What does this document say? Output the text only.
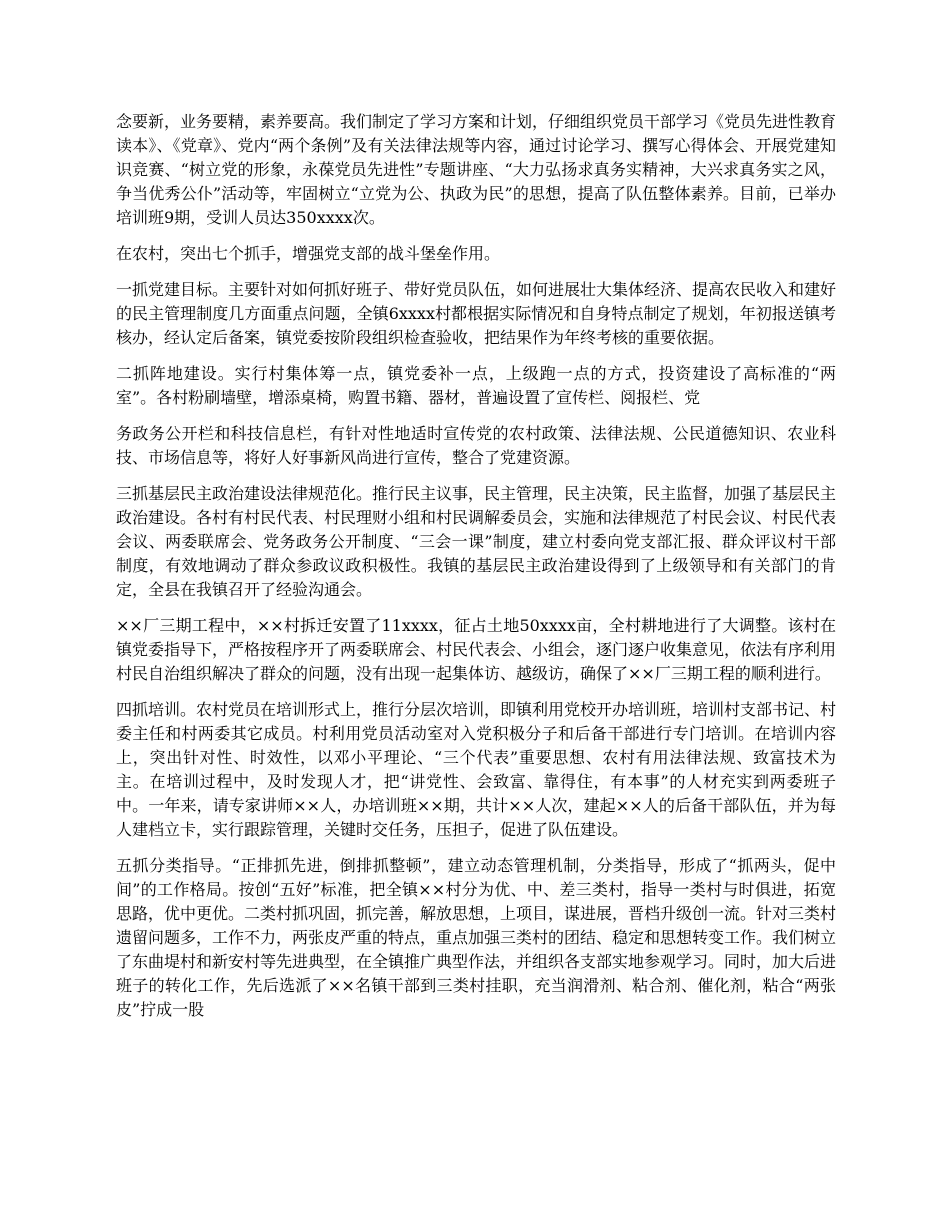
念要新，业务要精，素养要高。我们制定了学习方案和计划，仔细组织党员干部学习《党员先进性教育读本》、《党章》、党内“两个条例”及有关法律法规等内容，通过讨论学习、撰写心得体会、开展党建知识竞赛、“树立党的形象，永葆党员先进性”专题讲座、“大力弘扬求真务实精神，大兴求真务实之风，争当优秀公仆”活动等，牢固树立“立党为公、执政为民”的思想，提高了队伍整体素养。目前，已举办培训班9期，受训人员达350xxxx次。

在农村，突出七个抓手，增强党支部的战斗堡垒作用。

一抓党建目标。主要针对如何抓好班子、带好党员队伍，如何进展壮大集体经济、提高农民收入和建好的民主管理制度几方面重点问题，全镇6xxxx村都根据实际情况和自身特点制定了规划，年初报送镇考核办，经认定后备案，镇党委按阶段组织检查验收，把结果作为年终考核的重要依据。

二抓阵地建设。实行村集体筹一点，镇党委补一点，上级跑一点的方式，投资建设了高标准的“两室”。各村粉刷墙壁，增添桌椅，购置书籍、器材，普遍设置了宣传栏、阅报栏、党

务政务公开栏和科技信息栏，有针对性地适时宣传党的农村政策、法律法规、公民道德知识、农业科技、市场信息等，将好人好事新风尚进行宣传，整合了党建资源。

三抓基层民主政治建设法律规范化。推行民主议事，民主管理，民主决策，民主监督，加强了基层民主政治建设。各村有村民代表、村民理财小组和村民调解委员会，实施和法律规范了村民会议、村民代表会议、两委联席会、党务政务公开制度、“三会一课”制度，建立村委向党支部汇报、群众评议村干部制度，有效地调动了群众参政议政积极性。我镇的基层民主政治建设得到了上级领导和有关部门的肯定，全县在我镇召开了经验沟通会。

××厂三期工程中，××村拆迁安置了11xxxx，征占土地50xxxx亩，全村耕地进行了大调整。该村在镇党委指导下，严格按程序开了两委联席会、村民代表会、小组会，逐门逐户收集意见，依法有序利用村民自治组织解决了群众的问题，没有出现一起集体访、越级访，确保了××厂三期工程的顺利进行。

四抓培训。农村党员在培训形式上，推行分层次培训，即镇利用党校开办培训班，培训村支部书记、村委主任和村两委其它成员。村利用党员活动室对入党积极分子和后备干部进行专门培训。在培训内容上，突出针对性、时效性，以邓小平理论、“三个代表”重要思想、农村有用法律法规、致富技术为主。在培训过程中，及时发现人才，把“讲党性、会致富、靠得住，有本事”的人材充实到两委班子中。一年来，请专家讲师××人，办培训班××期，共计××人次，建起××人的后备干部队伍，并为每人建档立卡，实行跟踪管理，关键时交任务，压担子，促进了队伍建设。

五抓分类指导。“正排抓先进，倒排抓整顿”，建立动态管理机制，分类指导，形成了“抓两头，促中间”的工作格局。按创“五好”标准，把全镇××村分为优、中、差三类村，指导一类村与时俱进，拓宽思路，优中更优。二类村抓巩固，抓完善，解放思想，上项目，谋进展，晋档升级创一流。针对三类村遗留问题多，工作不力，两张皮严重的特点，重点加强三类村的团结、稳定和思想转变工作。我们树立了东曲堤村和新安村等先进典型，在全镇推广典型作法，并组织各支部实地参观学习。同时，加大后进班子的转化工作，先后选派了××名镇干部到三类村挂职，充当润滑剂、粘合剂、催化剂，粘合“两张皮”拧成一股
